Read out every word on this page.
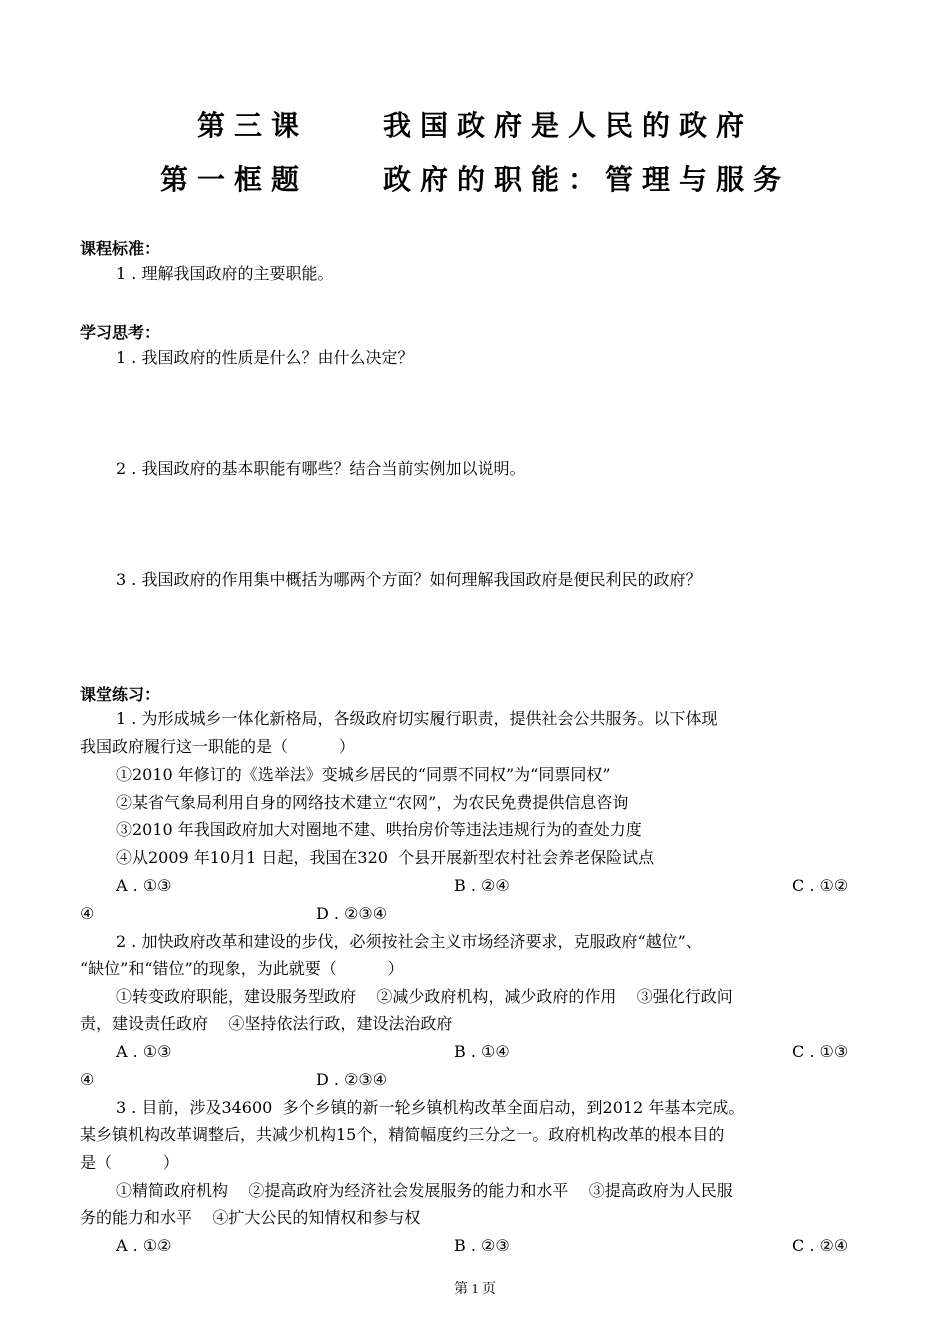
第三课    我国政府是人民的政府
第一框题    政府的职能：管理与服务
课程标准：
1 . 理解我国政府的主要职能。
学习思考：
1 . 我国政府的性质是什么？由什么决定？
2 . 我国政府的基本职能有哪些？结合当前实例加以说明。
3 . 我国政府的作用集中概括为哪两个方面？如何理解我国政府是便民利民的政府？
课堂练习：
1 . 为形成城乡一体化新格局，各级政府切实履行职责，提供社会公共服务。以下体现
我国政府履行这一职能的是（          ）
①2010 年修订的《选举法》变城乡居民的“同票不同权”为“同票同权”
②某省气象局利用自身的网络技术建立“农网”，为农民免费提供信息咨询
③2010 年我国政府加大对圈地不建、哄抬房价等违法违规行为的查处力度
④从2009 年10月1 日起，我国在320  个县开展新型农村社会养老保险试点
A . ①③	B . ②④	C . ①②
④	D . ②③④
2 . 加快政府改革和建设的步伐，必须按社会主义市场经济要求，克服政府“越位”、
“缺位”和“错位”的现象，为此就要（          ）
①转变政府职能，建设服务型政府    ②减少政府机构，减少政府的作用    ③强化行政问
责，建设责任政府    ④坚持依法行政，建设法治政府
A . ①③	B . ①④	C . ①③
④	D . ②③④
3 . 目前，涉及34600  多个乡镇的新一轮乡镇机构改革全面启动，到2012 年基本完成。
某乡镇机构改革调整后，共减少机构15个，精简幅度约三分之一。政府机构改革的根本目的
是（          ）
①精简政府机构    ②提高政府为经济社会发展服务的能力和水平    ③提高政府为人民服
务的能力和水平    ④扩大公民的知情权和参与权
A . ①②	B . ②③	C . ②④
第 1 页
